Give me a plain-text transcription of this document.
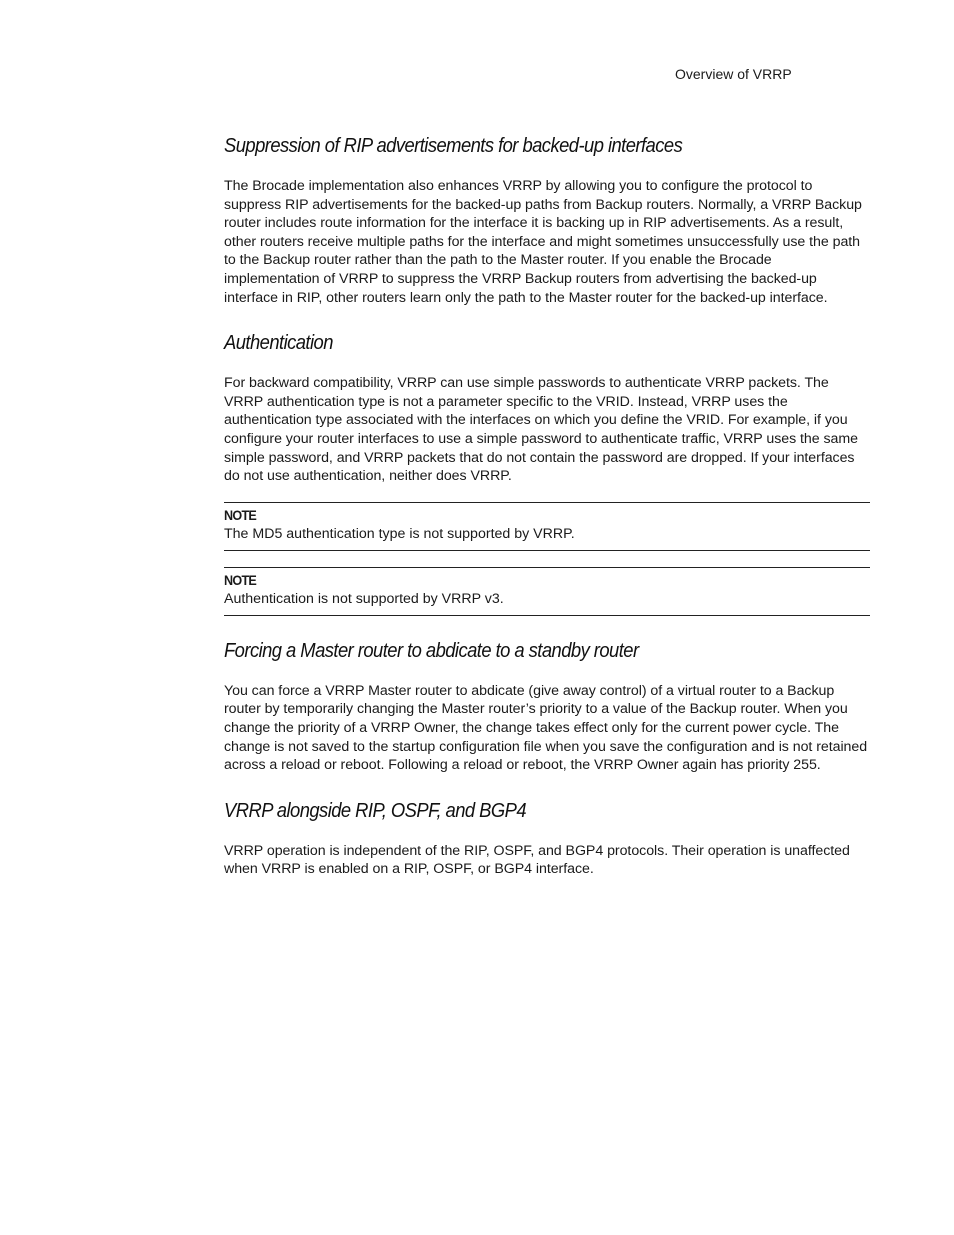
Overview of VRRP
Suppression of RIP advertisements for backed-up interfaces

The Brocade implementation also enhances VRRP by allowing you to configure the protocol to suppress RIP advertisements for the backed-up paths from Backup routers. Normally, a VRRP Backup router includes route information for the interface it is backing up in RIP advertisements. As a result, other routers receive multiple paths for the interface and might sometimes unsuccessfully use the path to the Backup router rather than the path to the Master router. If you enable the Brocade implementation of VRRP to suppress the VRRP Backup routers from advertising the backed-up interface in RIP, other routers learn only the path to the Master router for the backed-up interface.

Authentication

For backward compatibility, VRRP can use simple passwords to authenticate VRRP packets. The VRRP authentication type is not a parameter specific to the VRID. Instead, VRRP uses the authentication type associated with the interfaces on which you define the VRID. For example, if you configure your router interfaces to use a simple password to authenticate traffic, VRRP uses the same simple password, and VRRP packets that do not contain the password are dropped. If your interfaces do not use authentication, neither does VRRP.

NOTE
The MD5 authentication type is not supported by VRRP.
NOTE
Authentication is not supported by VRRP v3.
Forcing a Master router to abdicate to a standby router

You can force a VRRP Master router to abdicate (give away control) of a virtual router to a Backup router by temporarily changing the Master router’s priority to a value of the Backup router. When you change the priority of a VRRP Owner, the change takes effect only for the current power cycle. The change is not saved to the startup configuration file when you save the configuration and is not retained across a reload or reboot. Following a reload or reboot, the VRRP Owner again has priority 255.

VRRP alongside RIP, OSPF, and BGP4

VRRP operation is independent of the RIP, OSPF, and BGP4 protocols. Their operation is unaffected when VRRP is enabled on a RIP, OSPF, or BGP4 interface.
